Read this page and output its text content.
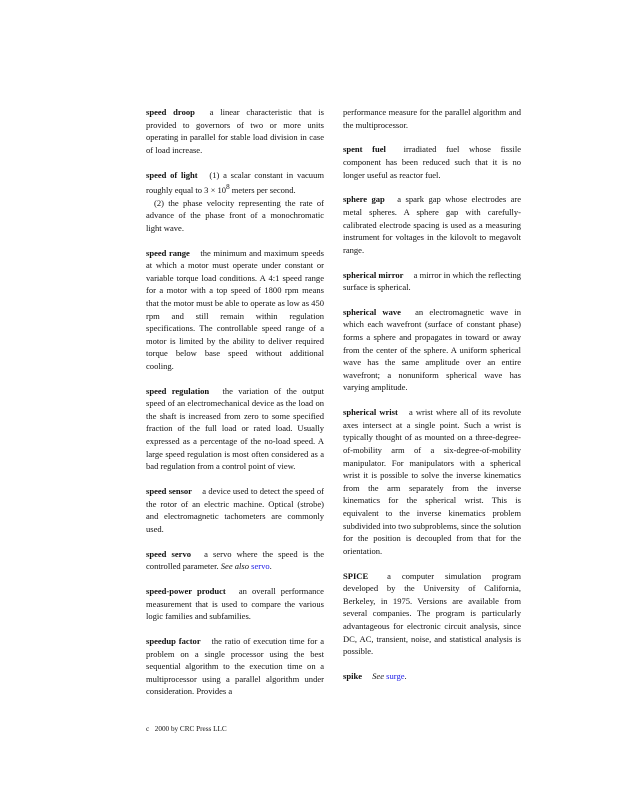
speed droop a linear characteristic that is provided to governors of two or more units operating in parallel for stable load division in case of load increase.
speed of light (1) a scalar constant in vacuum roughly equal to $3 \times 10^8$ meters per second.
(2) the phase velocity representing the rate of advance of the phase front of a monochromatic light wave.
speed range the minimum and maximum speeds at which a motor must operate under constant or variable torque load conditions. A 4:1 speed range for a motor with a top speed of 1800 rpm means that the motor must be able to operate as low as 450 rpm and still remain within regulation specifications. The controllable speed range of a motor is limited by the ability to deliver required torque below base speed without additional cooling.
speed regulation the variation of the output speed of an electromechanical device as the load on the shaft is increased from zero to some specified fraction of the full load or rated load. Usually expressed as a percentage of the no-load speed. A large speed regulation is most often considered as a bad regulation from a control point of view.
speed sensor a device used to detect the speed of the rotor of an electric machine. Optical (strobe) and electromagnetic tachometers are commonly used.
speed servo a servo where the speed is the controlled parameter. See also servo.
speed-power product an overall performance measurement that is used to compare the various logic families and subfamilies.
speedup factor the ratio of execution time for a problem on a single processor using the best sequential algorithm to the execution time on a multiprocessor using a parallel algorithm under consideration. Provides a
performance measure for the parallel algorithm and the multiprocessor.
spent fuel irradiated fuel whose fissile component has been reduced such that it is no longer useful as reactor fuel.
sphere gap a spark gap whose electrodes are metal spheres. A sphere gap with carefully-calibrated electrode spacing is used as a measuring instrument for voltages in the kilovolt to megavolt range.
spherical mirror a mirror in which the reflecting surface is spherical.
spherical wave an electromagnetic wave in which each wavefront (surface of constant phase) forms a sphere and propagates in toward or away from the center of the sphere. A uniform spherical wave has the same amplitude over an entire wavefront; a nonuniform spherical wave has varying amplitude.
spherical wrist a wrist where all of its revolute axes intersect at a single point. Such a wrist is typically thought of as mounted on a three-degree-of-mobility arm of a six-degree-of-mobility manipulator. For manipulators with a spherical wrist it is possible to solve the inverse kinematics from the arm separately from the inverse kinematics for the spherical wrist. This is equivalent to the inverse kinematics problem subdivided into two subproblems, since the solution for the position is decoupled from that for the orientation.
SPICE a computer simulation program developed by the University of California, Berkeley, in 1975. Versions are available from several companies. The program is particularly advantageous for electronic circuit analysis, since DC, AC, transient, noise, and statistical analysis is possible.
spike See surge.
c⃝2000 by CRC Press LLC
